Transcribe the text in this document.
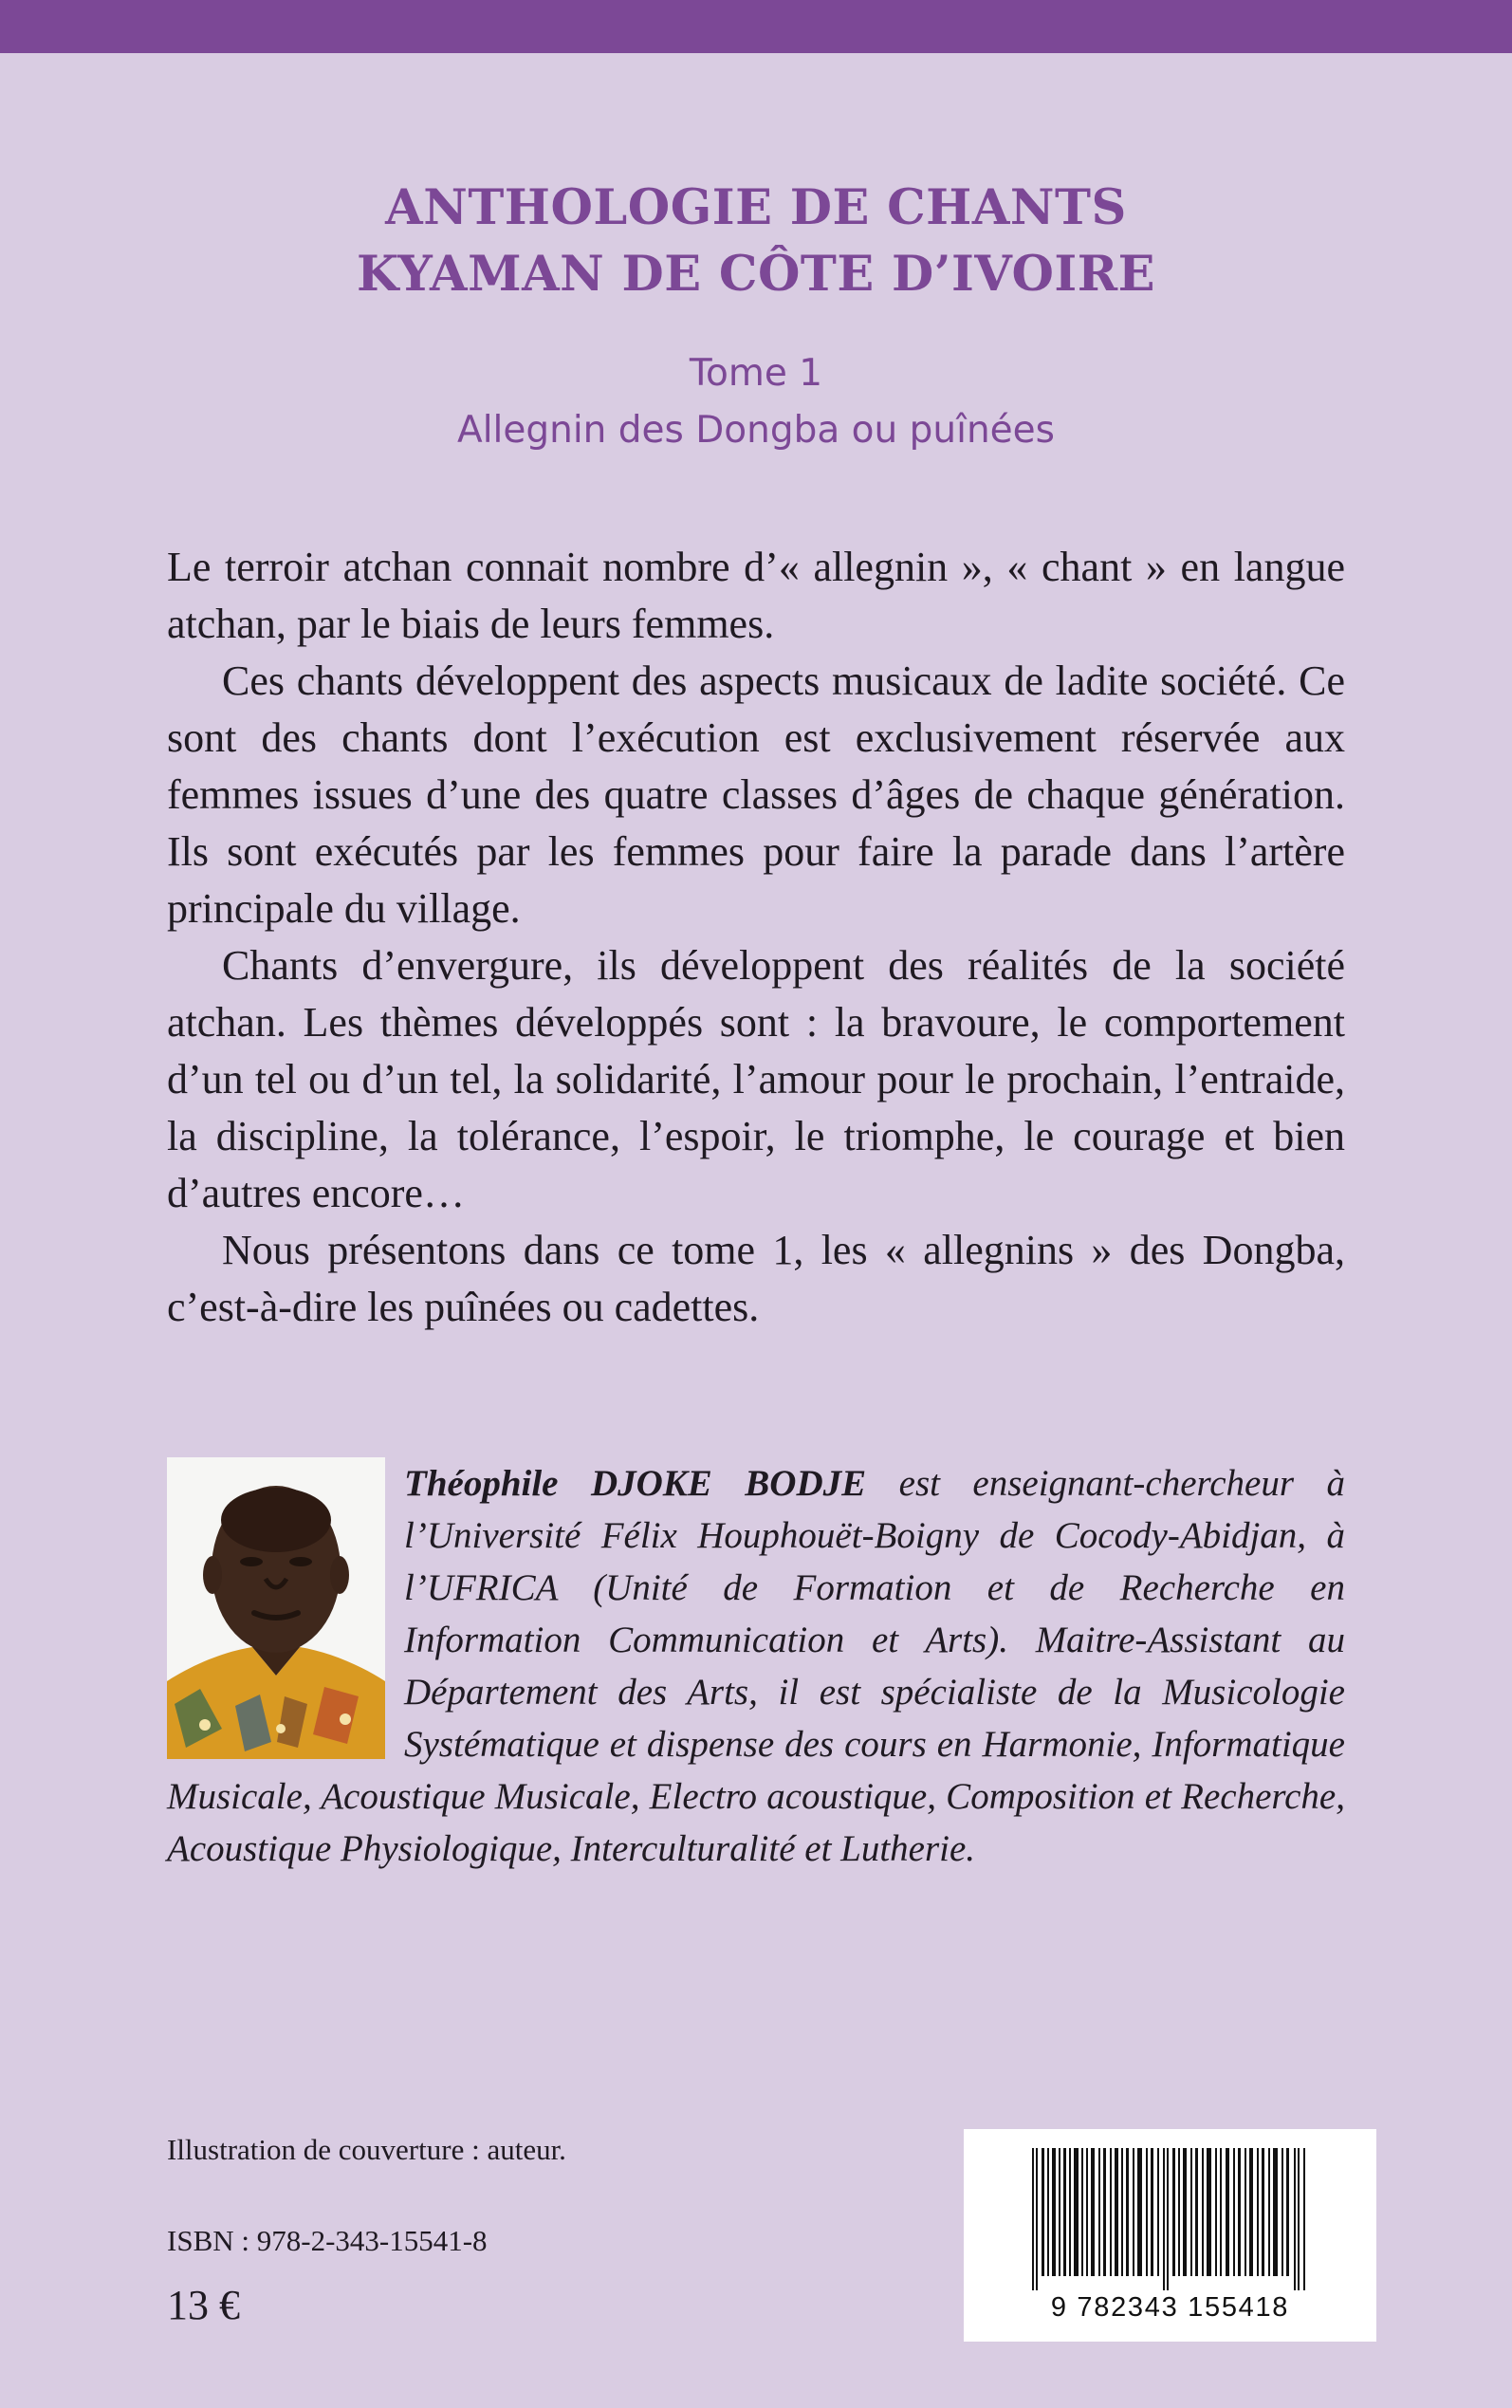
ANTHOLOGIE DE CHANTS
KYAMAN DE CÔTE D’IVOIRE

Tome 1

Allegnin des Dongba ou puînées

Le terroir atchan connait nombre d’« allegnin », « chant » en langue atchan, par le biais de leurs femmes.

Ces chants développent des aspects musicaux de ladite société. Ce sont des chants dont l’exécution est exclusivement réservée aux femmes issues d’une des quatre classes d’âges de chaque génération. Ils sont exécutés par les femmes pour faire la parade dans l’artère principale du village.

Chants d’envergure, ils développent des réalités de la société atchan. Les thèmes développés sont : la bravoure, le comportement d’un tel ou d’un tel, la solidarité, l’amour pour le prochain, l’entraide, la discipline, la tolérance, l’espoir, le triomphe, le courage et bien d’autres encore…

Nous présentons dans ce tome 1, les « allegnins » des Dongba, c’est-à-dire les puînées ou cadettes.

Théophile DJOKE BODJE est enseignant-chercheur à l’Université Félix Houphouët-Boigny de Cocody-Abidjan, à l’UFRICA (Unité de Formation et de Recherche en Information Communication et Arts). Maitre-Assistant au Département des Arts, il est spécialiste de la Musicologie Systématique et dispense des cours en Harmonie, Informatique Musicale, Acoustique Musicale, Electro acoustique, Composition et Recherche, Acoustique Physiologique, Interculturalité et Lutherie.

Illustration de couverture : auteur.
ISBN : 978-2-343-15541-8
13 €	9 782343 155418
